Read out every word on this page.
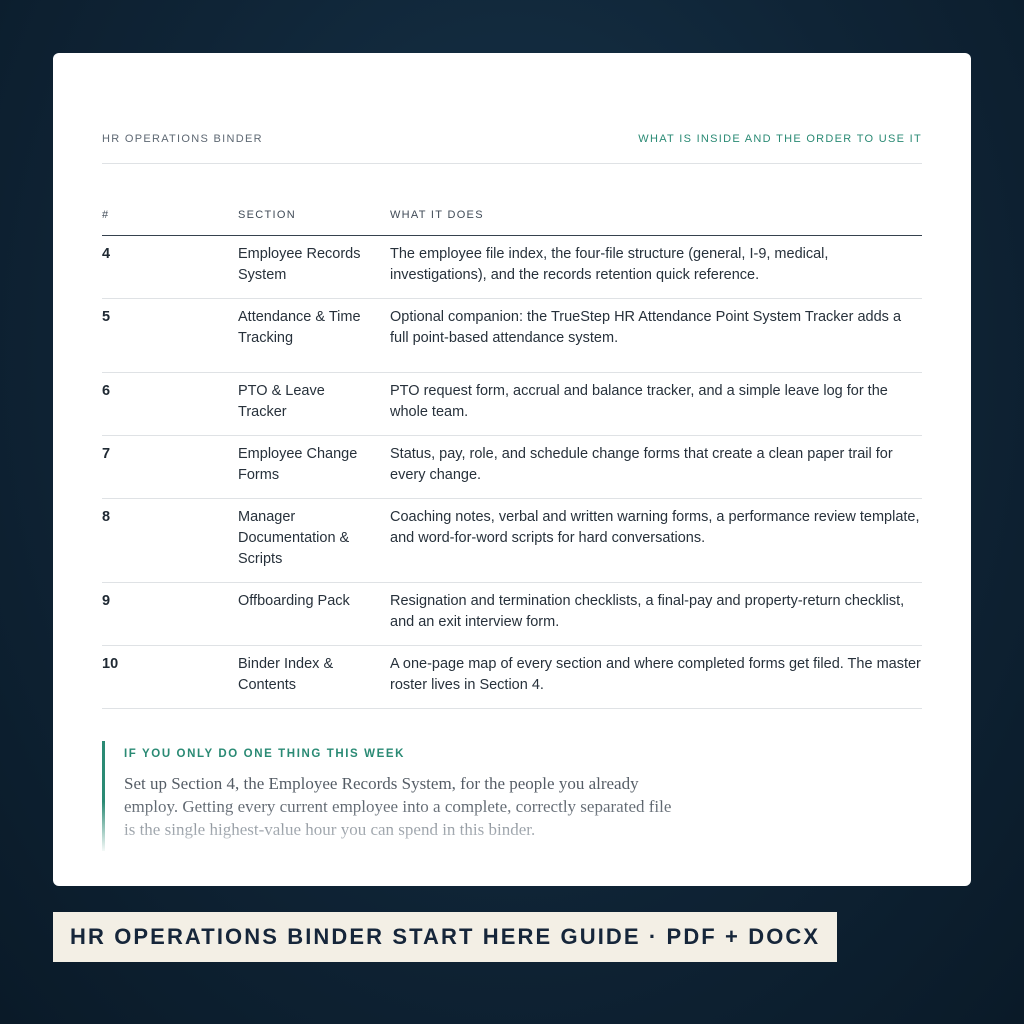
HR OPERATIONS BINDER	WHAT IS INSIDE AND THE ORDER TO USE IT
#	SECTION	WHAT IT DOES
4	Employee Records System	The employee file index, the four-file structure (general, I-9, medical, investigations), and the records retention quick reference.
5	Attendance & Time Tracking	Optional companion: the TrueStep HR Attendance Point System Tracker adds a full point-based attendance system.
6	PTO & Leave Tracker	PTO request form, accrual and balance tracker, and a simple leave log for the whole team.
7	Employee Change Forms	Status, pay, role, and schedule change forms that create a clean paper trail for every change.
8	Manager Documentation & Scripts	Coaching notes, verbal and written warning forms, a performance review template, and word-for-word scripts for hard conversations.
9	Offboarding Pack	Resignation and termination checklists, a final-pay and property-return checklist, and an exit interview form.
10	Binder Index & Contents	A one-page map of every section and where completed forms get filed. The master roster lives in Section 4.
IF YOU ONLY DO ONE THING THIS WEEK
Set up Section 4, the Employee Records System, for the people you already employ. Getting every current employee into a complete, correctly separated file is the single highest-value hour you can spend in this binder.
HR OPERATIONS BINDER START HERE GUIDE · PDF + DOCX
